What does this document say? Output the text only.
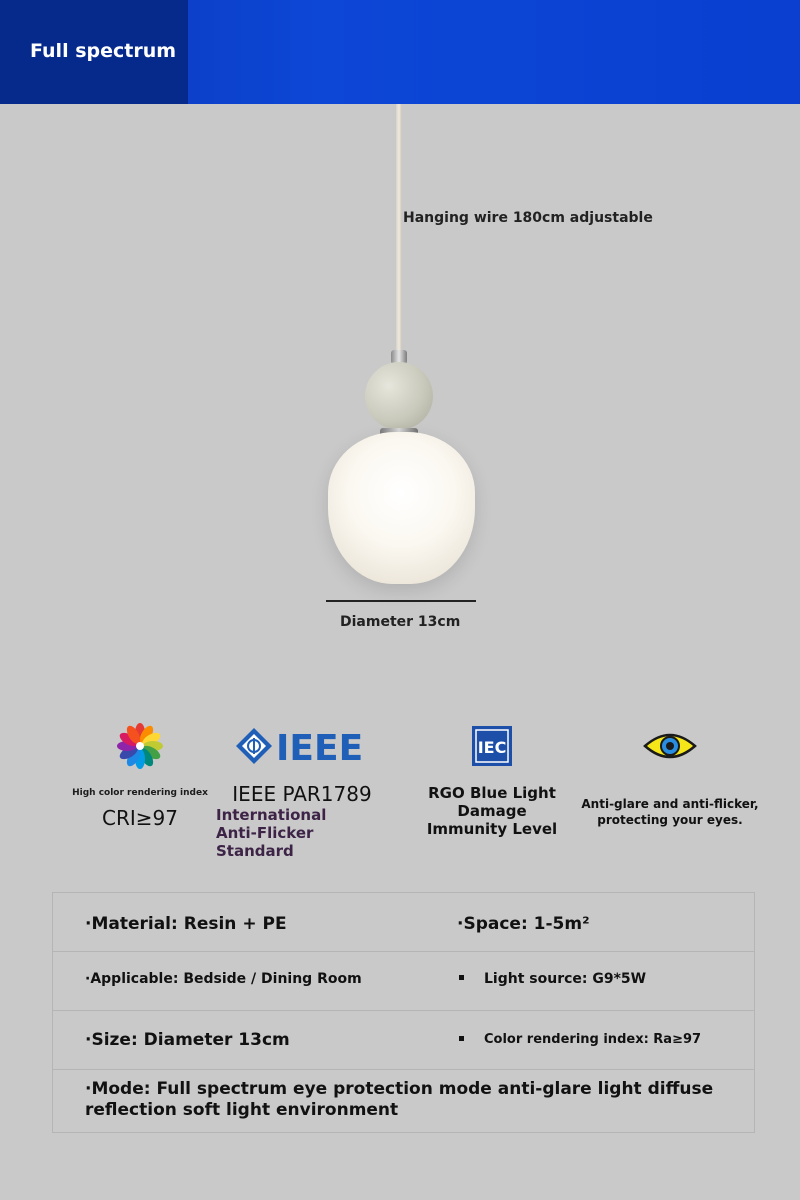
Full spectrum
Hanging wire 180cm adjustable
Diameter 13cm
High color rendering index
CRI≥97
IEEE
IEEE PAR1789
International
Anti-Flicker Standard
IEC
RGO Blue Light
Damage
Immunity Level
Anti-glare and anti-flicker,
protecting your eyes.
·Material: Resin + PE	·Space: 1-5m²
·Applicable: Bedside / Dining Room	Light source: G9*5W
·Size: Diameter 13cm	Color rendering index: Ra≥97
·Mode: Full spectrum eye protection mode anti-glare light diffuse
reflection soft light environment
